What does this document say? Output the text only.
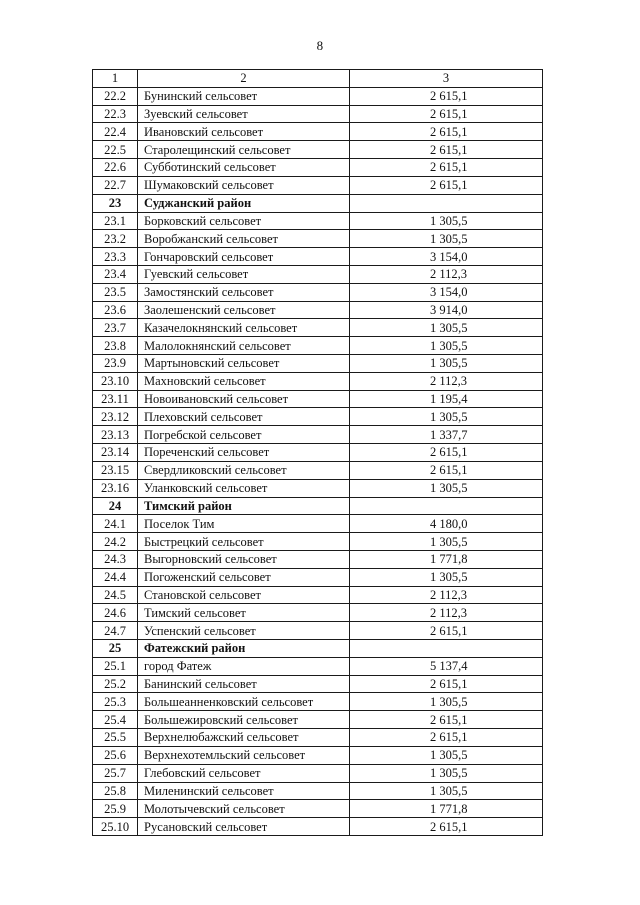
8
1	2	3
22.2	Бунинский сельсовет	2 615,1
22.3	Зуевский сельсовет	2 615,1
22.4	Ивановский сельсовет	2 615,1
22.5	Старолещинский сельсовет	2 615,1
22.6	Субботинский сельсовет	2 615,1
22.7	Шумаковский сельсовет	2 615,1
23	Суджанский район	
23.1	Борковский сельсовет	1 305,5
23.2	Воробжанский сельсовет	1 305,5
23.3	Гончаровский сельсовет	3 154,0
23.4	Гуевский сельсовет	2 112,3
23.5	Замостянский сельсовет	3 154,0
23.6	Заолешенский сельсовет	3 914,0
23.7	Казачелокнянский сельсовет	1 305,5
23.8	Малолокнянский сельсовет	1 305,5
23.9	Мартыновский сельсовет	1 305,5
23.10	Махновский сельсовет	2 112,3
23.11	Новоивановский сельсовет	1 195,4
23.12	Плеховский сельсовет	1 305,5
23.13	Погребской сельсовет	1 337,7
23.14	Пореченский сельсовет	2 615,1
23.15	Свердликовский сельсовет	2 615,1
23.16	Уланковский сельсовет	1 305,5
24	Тимский район	
24.1	Поселок Тим	4 180,0
24.2	Быстрецкий сельсовет	1 305,5
24.3	Выгорновский сельсовет	1 771,8
24.4	Погоженский сельсовет	1 305,5
24.5	Становской сельсовет	2 112,3
24.6	Тимский сельсовет	2 112,3
24.7	Успенский сельсовет	2 615,1
25	Фатежский район	
25.1	город Фатеж	5 137,4
25.2	Банинский сельсовет	2 615,1
25.3	Большеанненковский сельсовет	1 305,5
25.4	Большежировский сельсовет	2 615,1
25.5	Верхнелюбажский сельсовет	2 615,1
25.6	Верхнехотемльский сельсовет	1 305,5
25.7	Глебовский сельсовет	1 305,5
25.8	Миленинский сельсовет	1 305,5
25.9	Молотычевский сельсовет	1 771,8
25.10	Русановский сельсовет	2 615,1
